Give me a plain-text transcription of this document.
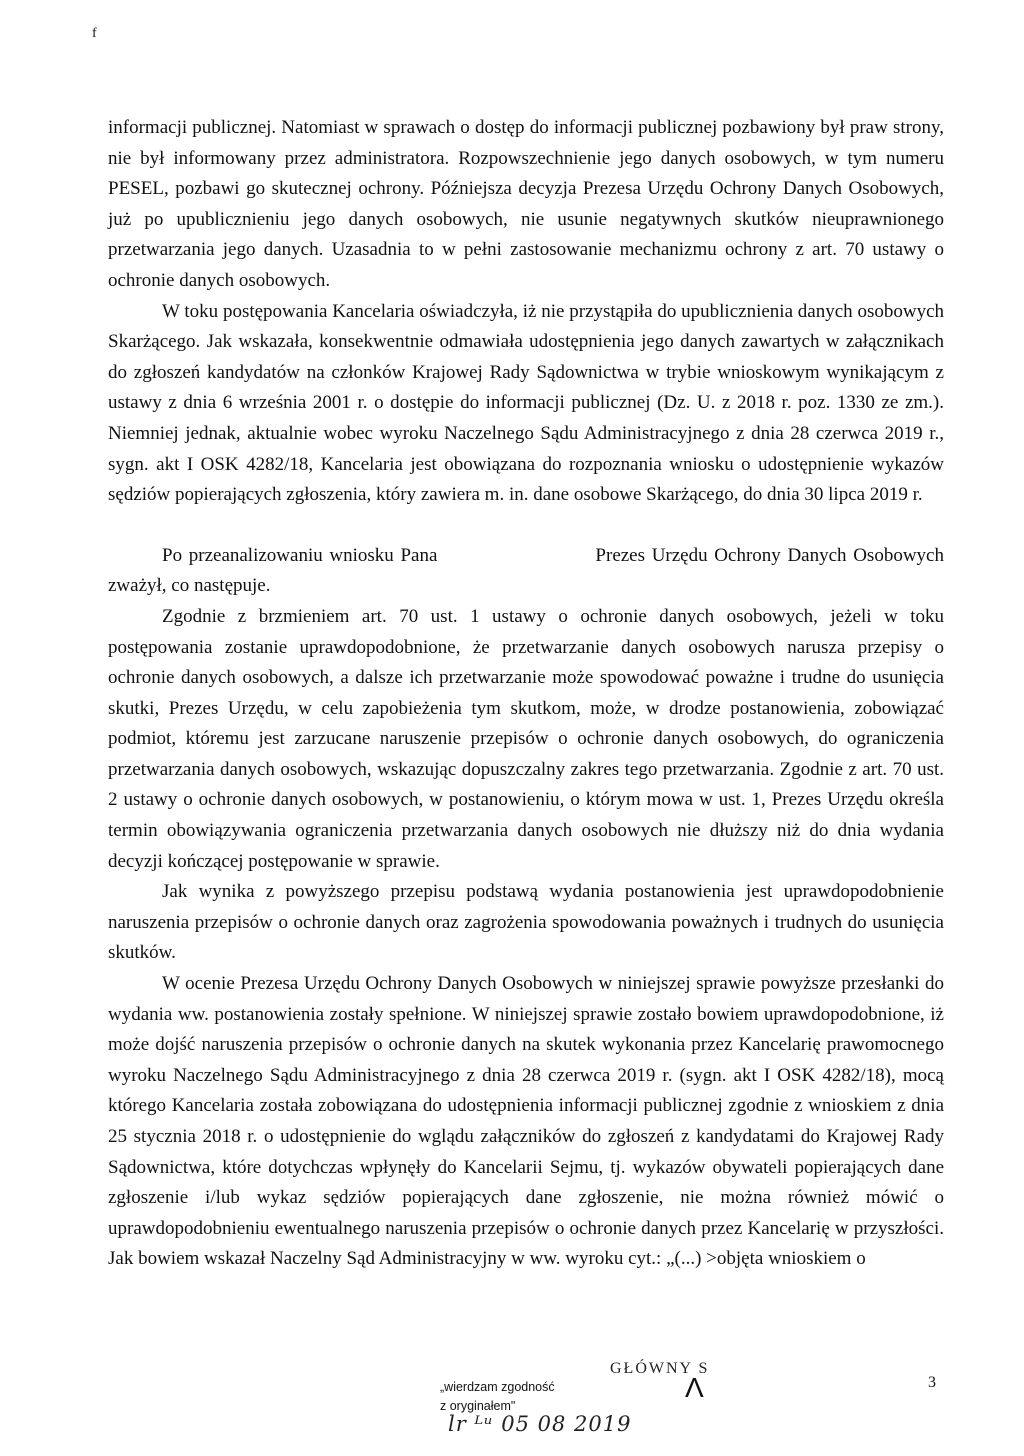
f

informacji publicznej. Natomiast w sprawach o dostęp do informacji publicznej pozbawiony był praw strony, nie był informowany przez administratora. Rozpowszechnienie jego danych osobowych, w tym numeru PESEL, pozbawi go skutecznej ochrony. Późniejsza decyzja Prezesa Urzędu Ochrony Danych Osobowych, już po upublicznieniu jego danych osobowych, nie usunie negatywnych skutków nieuprawnionego przetwarzania jego danych. Uzasadnia to w pełni zastosowanie mechanizmu ochrony z art. 70 ustawy o ochronie danych osobowych.

W toku postępowania Kancelaria oświadczyła, iż nie przystąpiła do upublicznienia danych osobowych Skarżącego. Jak wskazała, konsekwentnie odmawiała udostępnienia jego danych zawartych w załącznikach do zgłoszeń kandydatów na członków Krajowej Rady Sądownictwa w trybie wnioskowym wynikającym z ustawy z dnia 6 września 2001 r. o dostępie do informacji publicznej (Dz. U. z 2018 r. poz. 1330 ze zm.). Niemniej jednak, aktualnie wobec wyroku Naczelnego Sądu Administracyjnego z dnia 28 czerwca 2019 r., sygn. akt I OSK 4282/18, Kancelaria jest obowiązana do rozpoznania wniosku o udostępnienie wykazów sędziów popierających zgłoszenia, który zawiera m. in. dane osobowe Skarżącego, do dnia 30 lipca 2019 r.

Po przeanalizowaniu wniosku Pana	Prezes Urzędu Ochrony Danych Osobowych zważył, co następuje.

Zgodnie z brzmieniem art. 70 ust. 1 ustawy o ochronie danych osobowych, jeżeli w toku postępowania zostanie uprawdopodobnione, że przetwarzanie danych osobowych narusza przepisy o ochronie danych osobowych, a dalsze ich przetwarzanie może spowodować poważne i trudne do usunięcia skutki, Prezes Urzędu, w celu zapobieżenia tym skutkom, może, w drodze postanowienia, zobowiązać podmiot, któremu jest zarzucane naruszenie przepisów o ochronie danych osobowych, do ograniczenia przetwarzania danych osobowych, wskazując dopuszczalny zakres tego przetwarzania. Zgodnie z art. 70 ust. 2 ustawy o ochronie danych osobowych, w postanowieniu, o którym mowa w ust. 1, Prezes Urzędu określa termin obowiązywania ograniczenia przetwarzania danych osobowych nie dłuższy niż do dnia wydania decyzji kończącej postępowanie w sprawie.

Jak wynika z powyższego przepisu podstawą wydania postanowienia jest uprawdopodobnienie naruszenia przepisów o ochronie danych oraz zagrożenia spowodowania poważnych i trudnych do usunięcia skutków.

W ocenie Prezesa Urzędu Ochrony Danych Osobowych w niniejszej sprawie powyższe przesłanki do wydania ww. postanowienia zostały spełnione. W niniejszej sprawie zostało bowiem uprawdopodobnione, iż może dojść naruszenia przepisów o ochronie danych na skutek wykonania przez Kancelarię prawomocnego wyroku Naczelnego Sądu Administracyjnego z dnia 28 czerwca 2019 r. (sygn. akt I OSK 4282/18), mocą którego Kancelaria została zobowiązana do udostępnienia informacji publicznej zgodnie z wnioskiem z dnia 25 stycznia 2018 r. o udostępnienie do wglądu załączników do zgłoszeń z kandydatami do Krajowej Rady Sądownictwa, które dotychczas wpłynęły do Kancelarii Sejmu, tj. wykazów obywateli popierających dane zgłoszenie i/lub wykaz sędziów popierających dane zgłoszenie, nie można również mówić o uprawdopodobnieniu ewentualnego naruszenia przepisów o ochronie danych przez Kancelarię w przyszłości. Jak bowiem wskazał Naczelny Sąd Administracyjny w ww. wyroku cyt.: „(...) >objęta wnioskiem o

GŁÓWNY S
„wierdzam zgodność
z oryginałem"
Λ	3
l⁠r ᴸᵘ 05 08 2019
